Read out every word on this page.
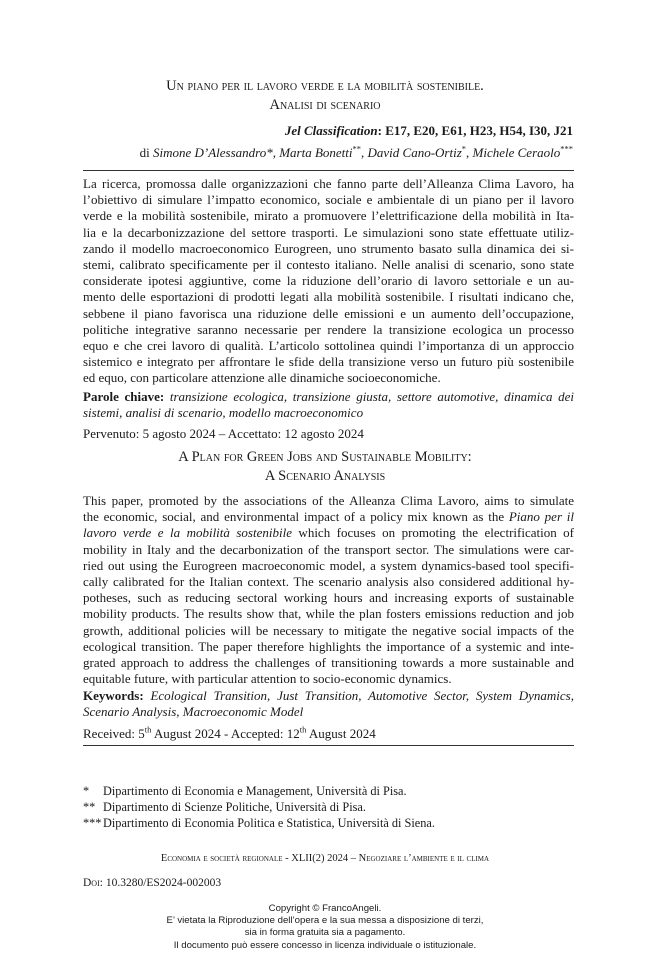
Un piano per il lavoro verde e la mobilità sostenibile.
Analisi di scenario
Jel Classification: E17, E20, E61, H23, H54, I30, J21
di Simone D’Alessandro*, Marta Bonetti**, David Cano-Ortiz*, Michele Ceraolo***
La ricerca, promossa dalle organizzazioni che fanno parte dell’Alleanza Clima Lavoro, ha
l’obiettivo di simulare l’impatto economico, sociale e ambientale di un piano per il lavoro
verde e la mobilità sostenibile, mirato a promuovere l’elettrificazione della mobilità in Ita-
lia e la decarbonizzazione del settore trasporti. Le simulazioni sono state effettuate utiliz-
zando il modello macroeconomico Eurogreen, uno strumento basato sulla dinamica dei si-
stemi, calibrato specificamente per il contesto italiano. Nelle analisi di scenario, sono state
considerate ipotesi aggiuntive, come la riduzione dell’orario di lavoro settoriale e un au-
mento delle esportazioni di prodotti legati alla mobilità sostenibile. I risultati indicano che,
sebbene il piano favorisca una riduzione delle emissioni e un aumento dell’occupazione,
politiche integrative saranno necessarie per rendere la transizione ecologica un processo
equo e che crei lavoro di qualità. L’articolo sottolinea quindi l’importanza di un approccio
sistemico e integrato per affrontare le sfide della transizione verso un futuro più sostenibile
ed equo, con particolare attenzione alle dinamiche socioeconomiche.
Parole chiave: transizione ecologica, transizione giusta, settore automotive, dinamica dei
sistemi, analisi di scenario, modello macroeconomico
Pervenuto: 5 agosto 2024 – Accettato: 12 agosto 2024
A Plan for Green Jobs and Sustainable Mobility:
A Scenario Analysis
This paper, promoted by the associations of the Alleanza Clima Lavoro, aims to simulate
the economic, social, and environmental impact of a policy mix known as the Piano per il
lavoro verde e la mobilità sostenibile which focuses on promoting the electrification of
mobility in Italy and the decarbonization of the transport sector. The simulations were car-
ried out using the Eurogreen macroeconomic model, a system dynamics-based tool specifi-
cally calibrated for the Italian context. The scenario analysis also considered additional hy-
potheses, such as reducing sectoral working hours and increasing exports of sustainable
mobility products. The results show that, while the plan fosters emissions reduction and job
growth, additional policies will be necessary to mitigate the negative social impacts of the
ecological transition. The paper therefore highlights the importance of a systemic and inte-
grated approach to address the challenges of transitioning towards a more sustainable and
equitable future, with particular attention to socio-economic dynamics.
Keywords: Ecological Transition, Just Transition, Automotive Sector, System Dynamics,
Scenario Analysis, Macroeconomic Model
Received: 5th August 2024 - Accepted: 12th August 2024
* Dipartimento di Economia e Management, Università di Pisa.
** Dipartimento di Scienze Politiche, Università di Pisa.
*** Dipartimento di Economia Politica e Statistica, Università di Siena.
Economia e società regionale - XLII(2) 2024 – Negoziare l’ambiente e il clima
Doi: 10.3280/ES2024-002003
Copyright © FrancoAngeli.
E’ vietata la Riproduzione dell’opera e la sua messa a disposizione di terzi,
sia in forma gratuita sia a pagamento.
Il documento può essere concesso in licenza individuale o istituzionale.
